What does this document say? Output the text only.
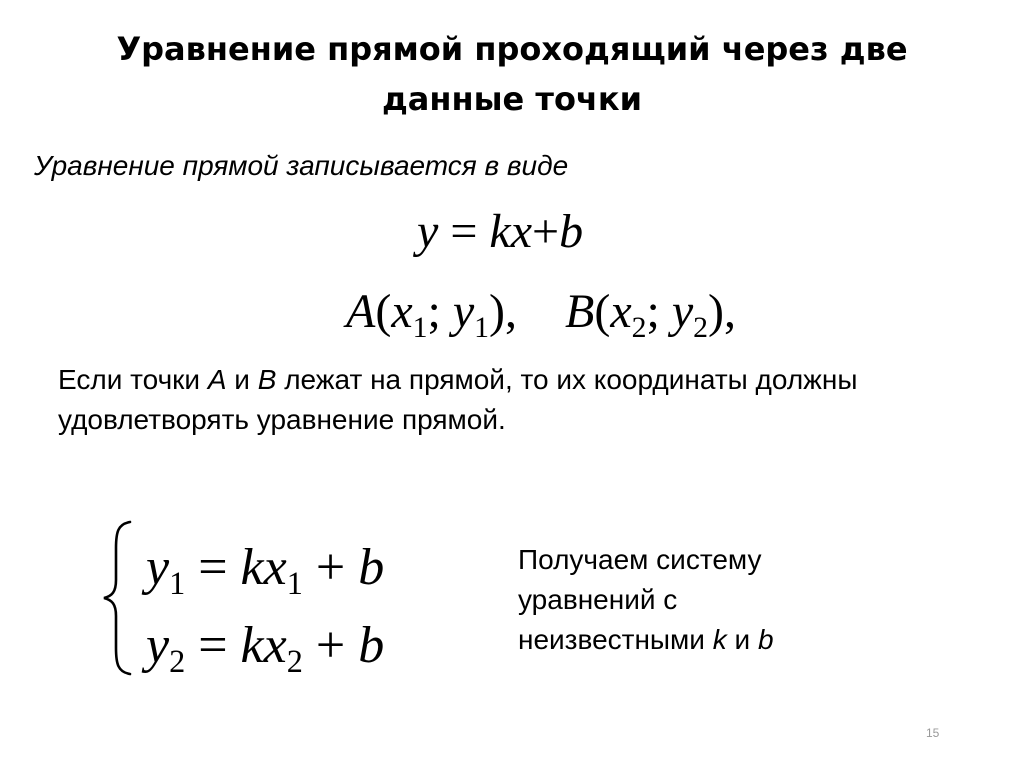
Уравнение прямой проходящий через две данные точки
Уравнение прямой записывается в виде
y = kx+b
$A(x_1$; $y_1$), $B(x_2$; $y_2$),
Если точки A и B лежат на прямой, то их координаты должны удовлетворять уравнение прямой.
$y_1 = kx_1 + b$
$y_2 = kx_2 + b$
Получаем систему
уравнений с
неизвестными k и b
15
